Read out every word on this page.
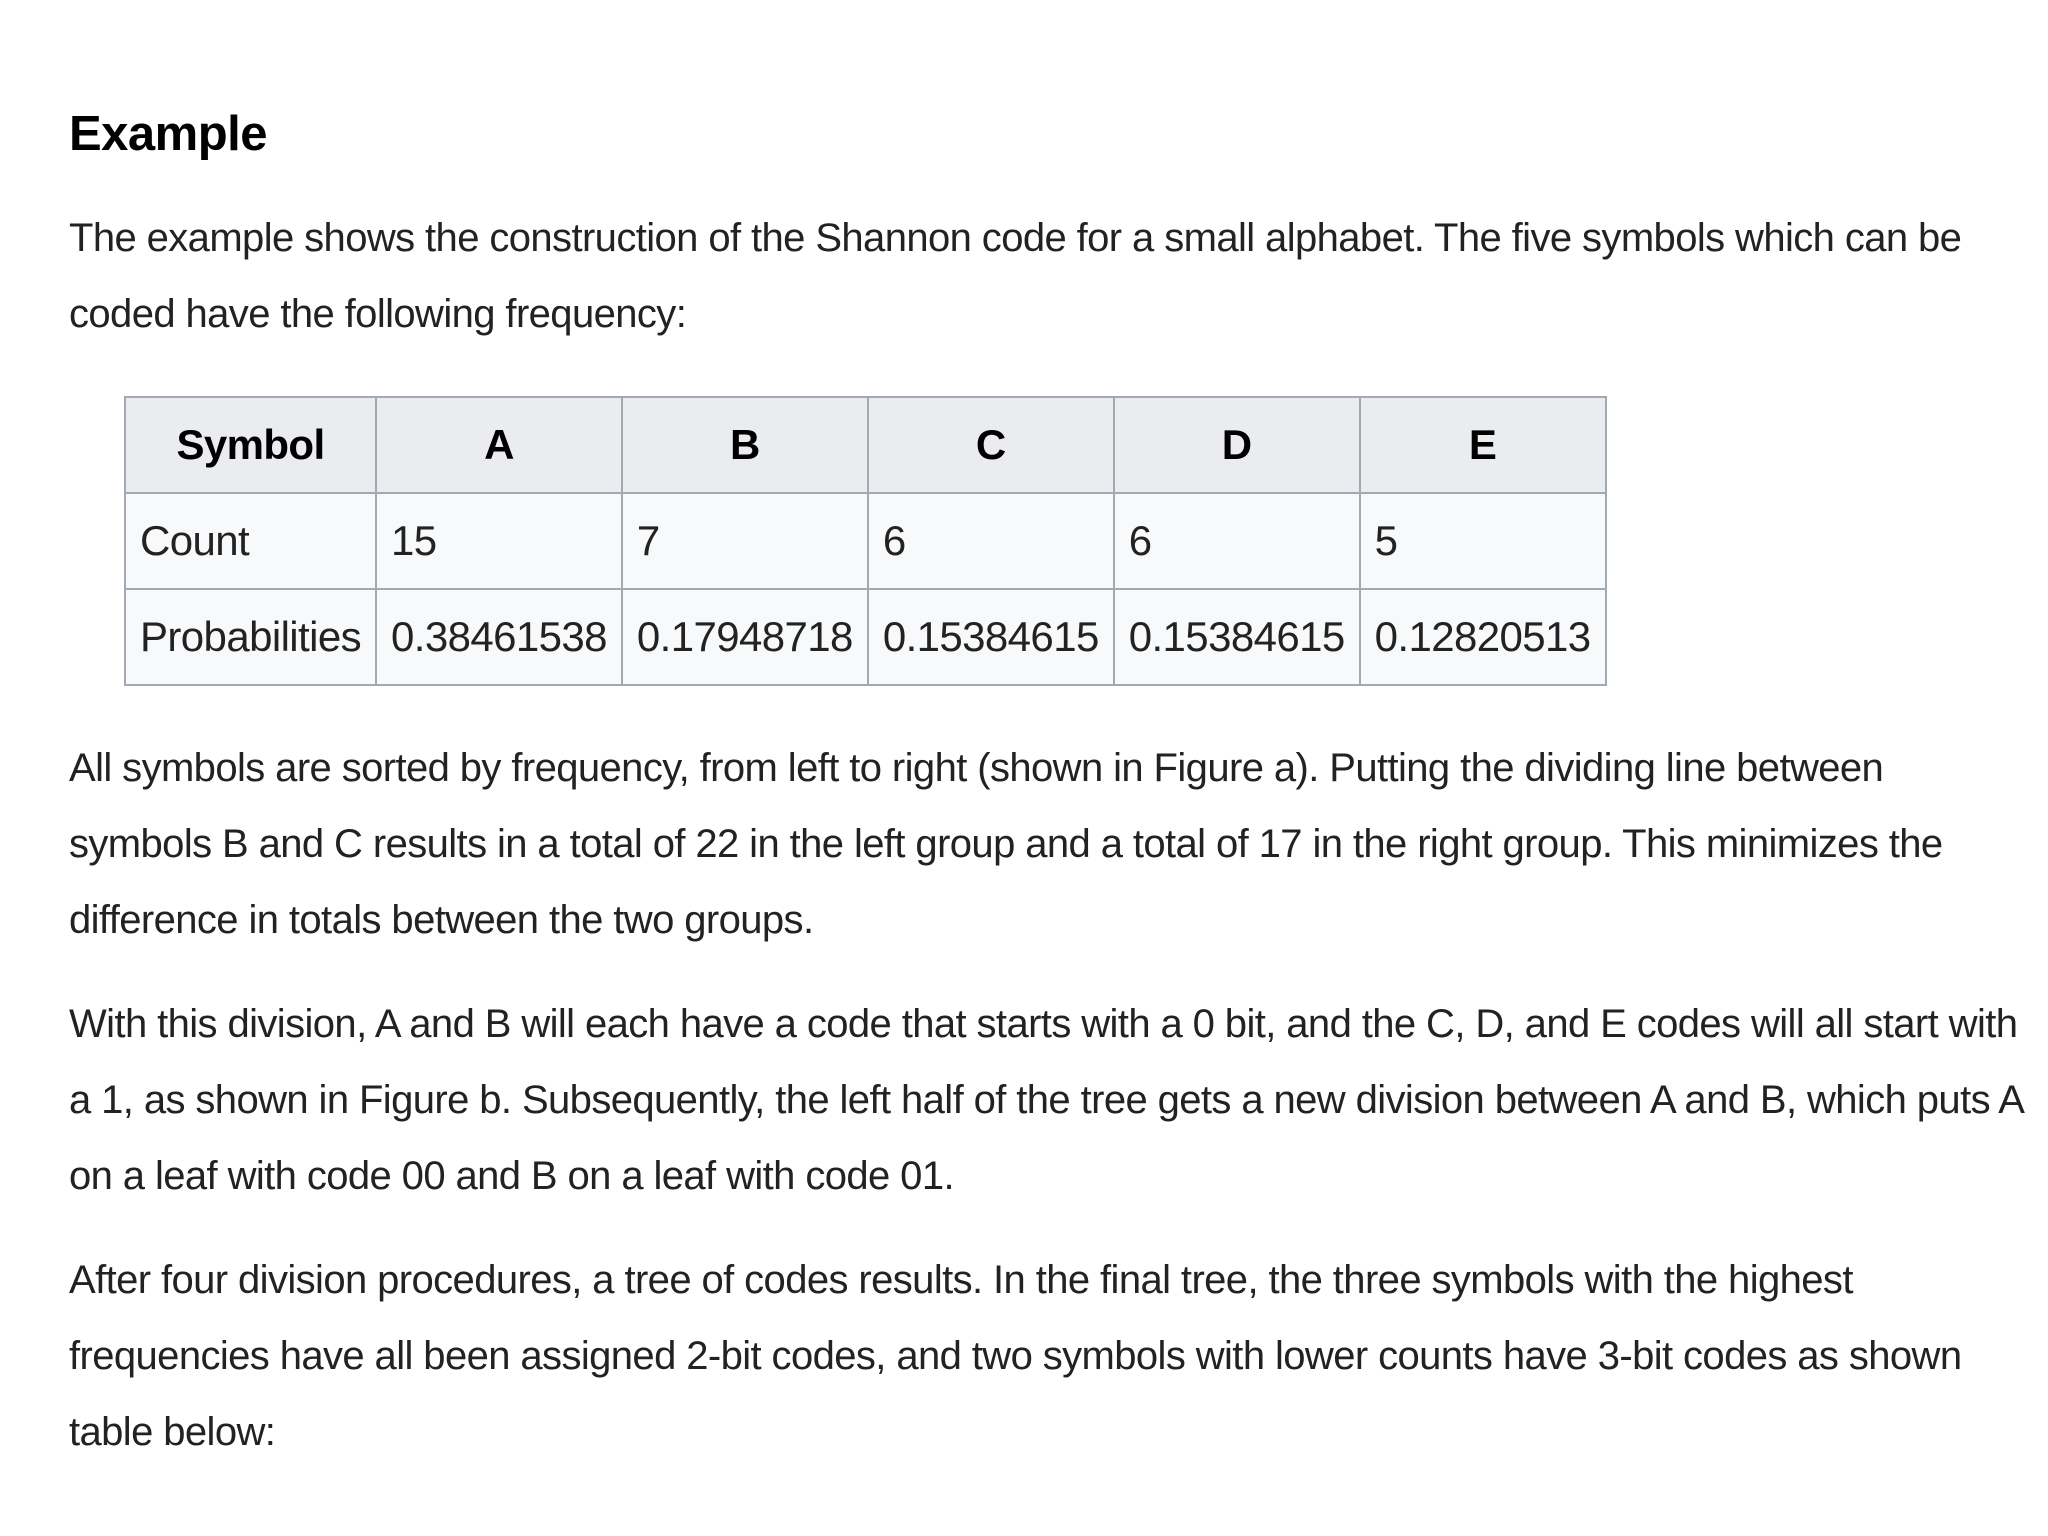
Example

The example shows the construction of the Shannon code for a small alphabet. The five symbols which can be coded have the following frequency:

Symbol	A	B	C	D	E
Count	15	7	6	6	5
Probabilities	0.38461538	0.17948718	0.15384615	0.15384615	0.12820513

All symbols are sorted by frequency, from left to right (shown in Figure a). Putting the dividing line between symbols B and C results in a total of 22 in the left group and a total of 17 in the right group. This minimizes the difference in totals between the two groups.

With this division, A and B will each have a code that starts with a 0 bit, and the C, D, and E codes will all start with a 1, as shown in Figure b. Subsequently, the left half of the tree gets a new division between A and B, which puts A on a leaf with code 00 and B on a leaf with code 01.

After four division procedures, a tree of codes results. In the final tree, the three symbols with the highest frequencies have all been assigned 2-bit codes, and two symbols with lower counts have 3-bit codes as shown table below:
